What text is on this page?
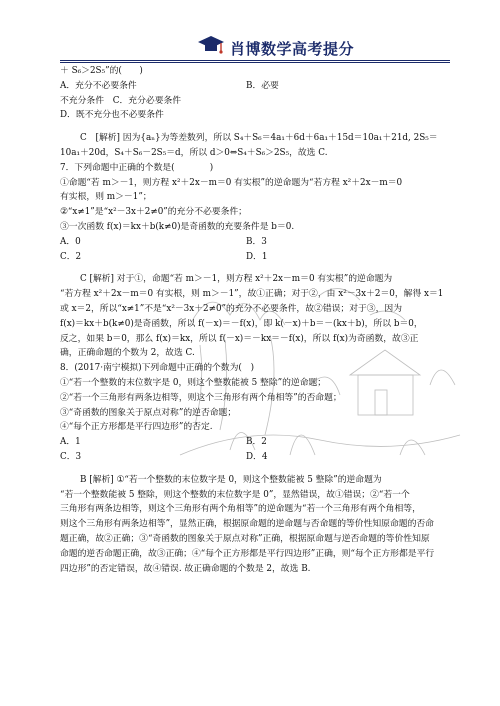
肖博数学高考提分
＋ S₆＞2S₅”的(　　)
A．充分不必要条件	B．必要
不充分条件　C．充分必要条件
D．既不充分也不必要条件
C　[解析] 因为{aₙ}为等差数列，所以 S₄＋S₆＝4a₁＋6d＋6a₁＋15d＝10a₁＋21d, 2S₅＝
10a₁＋20d，S₄＋S₆－2S₅＝d，所以 d＞0⇔S₄＋S₆＞2S₅，故选 C.
7．下列命题中正确的个数是(　　　　)
①命题“若 m＞－1，则方程 x²＋2x－m＝0 有实根”的逆命题为“若方程 x²＋2x－m＝0
有实根，则 m＞－1”；
②“x≠1”是“x²－3x＋2≠0”的充分不必要条件；
③一次函数 f(x)＝kx＋b(k≠0)是奇函数的充要条件是 b＝0.
A．0	B．3
C．2	D．1
C [解析] 对于①，命题“若 m＞－1，则方程 x²＋2x－m＝0 有实根”的逆命题为
“若方程 x²＋2x－m＝0 有实根，则 m＞－1”，故①正确；对于②，由 x²－3x＋2＝0，解得 x＝1
或 x＝2，所以“x≠1”不是“x²－3x＋2≠0”的充分不必要条件，故②错误；对于③，因为
f(x)＝kx＋b(k≠0)是奇函数，所以 f(－x)＝－f(x)，即 k(－x)＋b＝－(kx＋b)，所以 b＝0，
反之，如果 b＝0，那么 f(x)＝kx，所以 f(－x)＝－kx＝－f(x)，所以 f(x)为奇函数，故③正
确，正确命题的个数为 2，故选 C.
8．(2017·南宁模拟)下列命题中正确的个数为(　)
①“若一个整数的末位数字是 0，则这个整数能被 5 整除”的逆命题；
②“若一个三角形有两条边相等，则这个三角形有两个角相等”的否命题；
③“奇函数的图象关于原点对称”的逆否命题；
④“每个正方形都是平行四边形”的否定.
A．1	B．2
C．3	D．4
B [解析] ①“若一个整数的末位数字是 0，则这个整数能被 5 整除”的逆命题为
“若一个整数能被 5 整除，则这个整数的末位数字是 0”，显然错误，故①错误；②“若一个
三角形有两条边相等，则这个三角形有两个角相等”的逆命题为“若一个三角形有两个角相等，
则这个三角形有两条边相等”，显然正确，根据原命题的逆命题与否命题的等价性知原命题的否命
题正确，故②正确；③“奇函数的图象关于原点对称”正确，根据原命题与逆否命题的等价性知原
命题的逆否命题正确，故③正确；④“每个正方形都是平行四边形”正确，则“每个正方形都是平行
四边形”的否定错误，故④错误. 故正确命题的个数是 2，故选 B.
